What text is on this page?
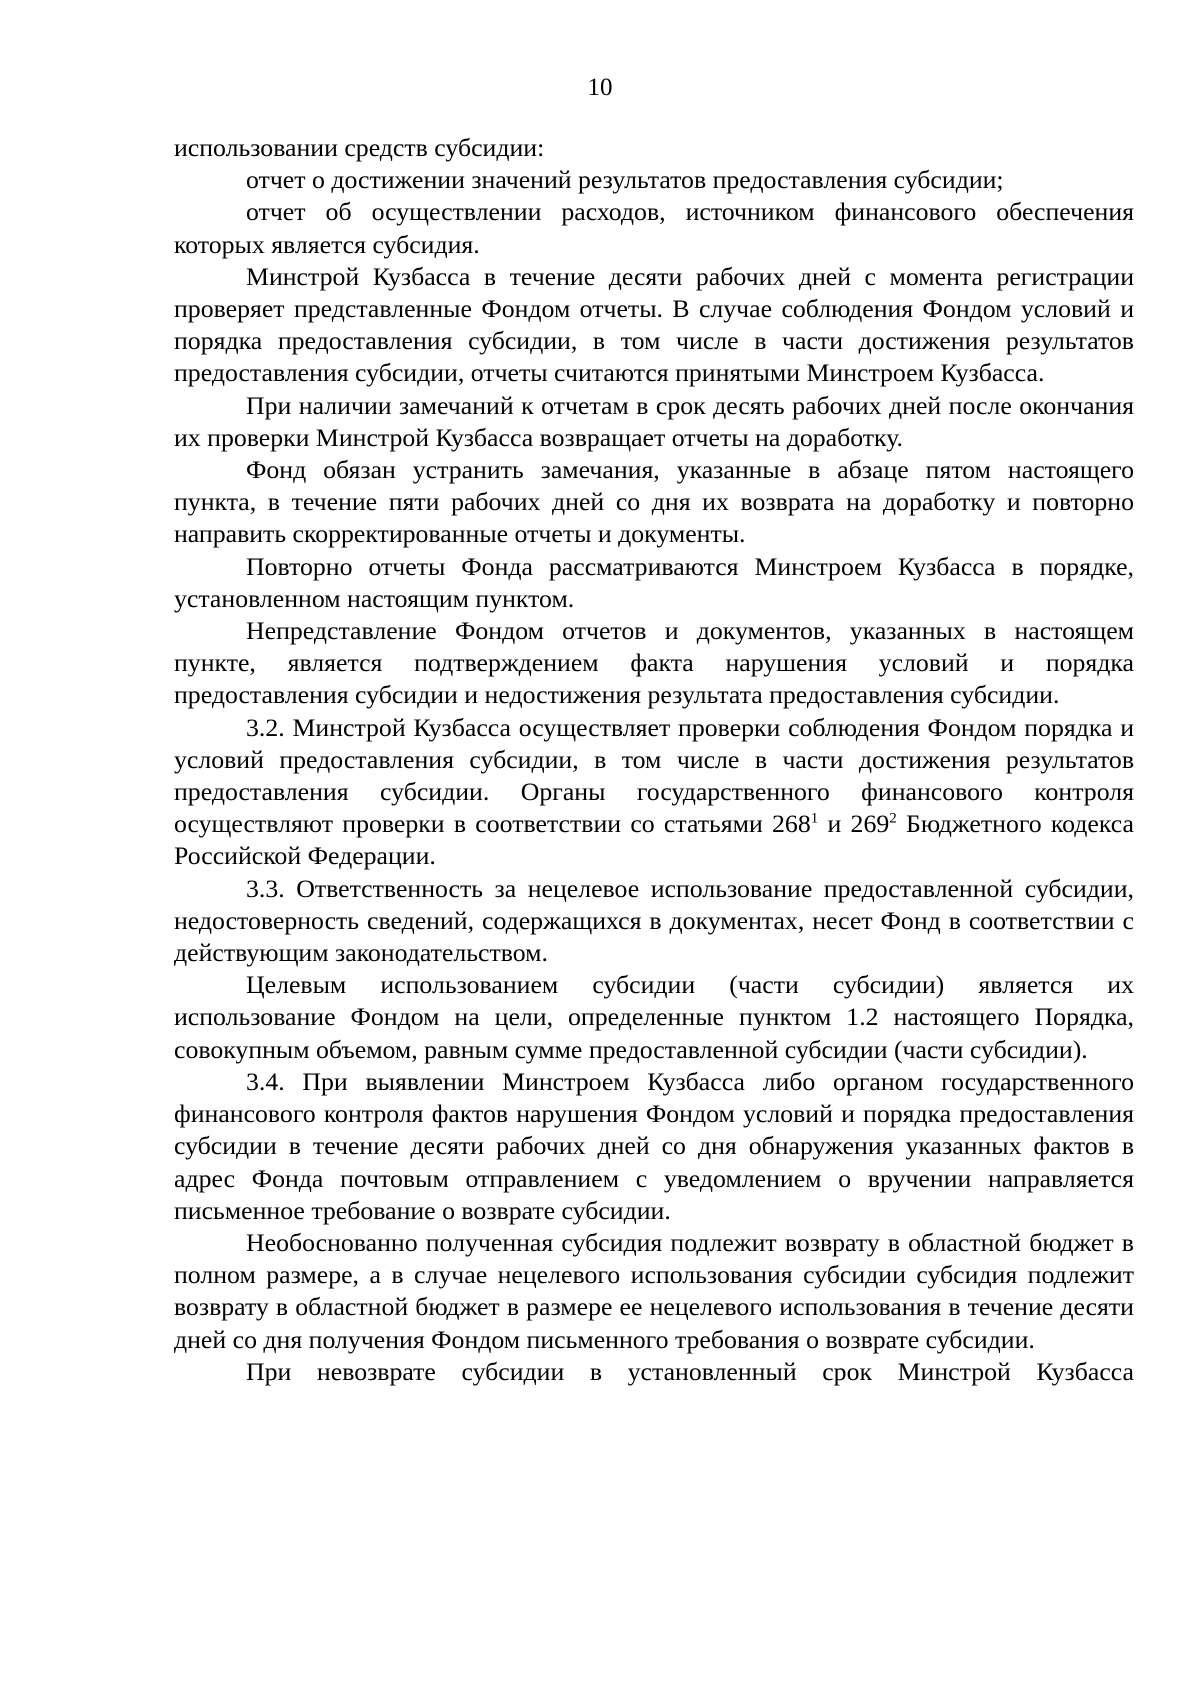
10

использовании средств субсидии:

отчет о достижении значений результатов предоставления субсидии;

отчет об осуществлении расходов, источником финансового обеспечения которых является субсидия.

Минстрой Кузбасса в течение десяти рабочих дней с момента регистрации проверяет представленные Фондом отчеты. В случае соблюдения Фондом условий и порядка предоставления субсидии, в том числе в части достижения результатов предоставления субсидии, отчеты считаются принятыми Минстроем Кузбасса.

При наличии замечаний к отчетам в срок десять рабочих дней после окончания их проверки Минстрой Кузбасса возвращает отчеты на доработку.

Фонд обязан устранить замечания, указанные в абзаце пятом настоящего пункта, в течение пяти рабочих дней со дня их возврата на доработку и повторно направить скорректированные отчеты и документы.

Повторно отчеты Фонда рассматриваются Минстроем Кузбасса в порядке, установленном настоящим пунктом.

Непредставление Фондом отчетов и документов, указанных в настоящем пункте, является подтверждением факта нарушения условий и порядка предоставления субсидии и недостижения результата предоставления субсидии.

3.2. Минстрой Кузбасса осуществляет проверки соблюдения Фондом порядка и условий предоставления субсидии, в том числе в части достижения результатов предоставления субсидии. Органы государственного финансового контроля осуществляют проверки в соответствии со статьями $268^1$ и $269^2$ Бюджетного кодекса Российской Федерации.

3.3. Ответственность за нецелевое использование предоставленной субсидии, недостоверность сведений, содержащихся в документах, несет Фонд в соответствии с действующим законодательством.

Целевым использованием субсидии (части субсидии) является их использование Фондом на цели, определенные пунктом 1.2 настоящего Порядка, совокупным объемом, равным сумме предоставленной субсидии (части субсидии).

3.4. При выявлении Минстроем Кузбасса либо органом государственного финансового контроля фактов нарушения Фондом условий и порядка предоставления субсидии в течение десяти рабочих дней со дня обнаружения указанных фактов в адрес Фонда почтовым отправлением с уведомлением о вручении направляется письменное требование о возврате субсидии.

Необоснованно полученная субсидия подлежит возврату в областной бюджет в полном размере, а в случае нецелевого использования субсидии субсидия подлежит возврату в областной бюджет в размере ее нецелевого использования в течение десяти дней со дня получения Фондом письменного требования о возврате субсидии.

При невозврате субсидии в установленный срок Минстрой Кузбасса
